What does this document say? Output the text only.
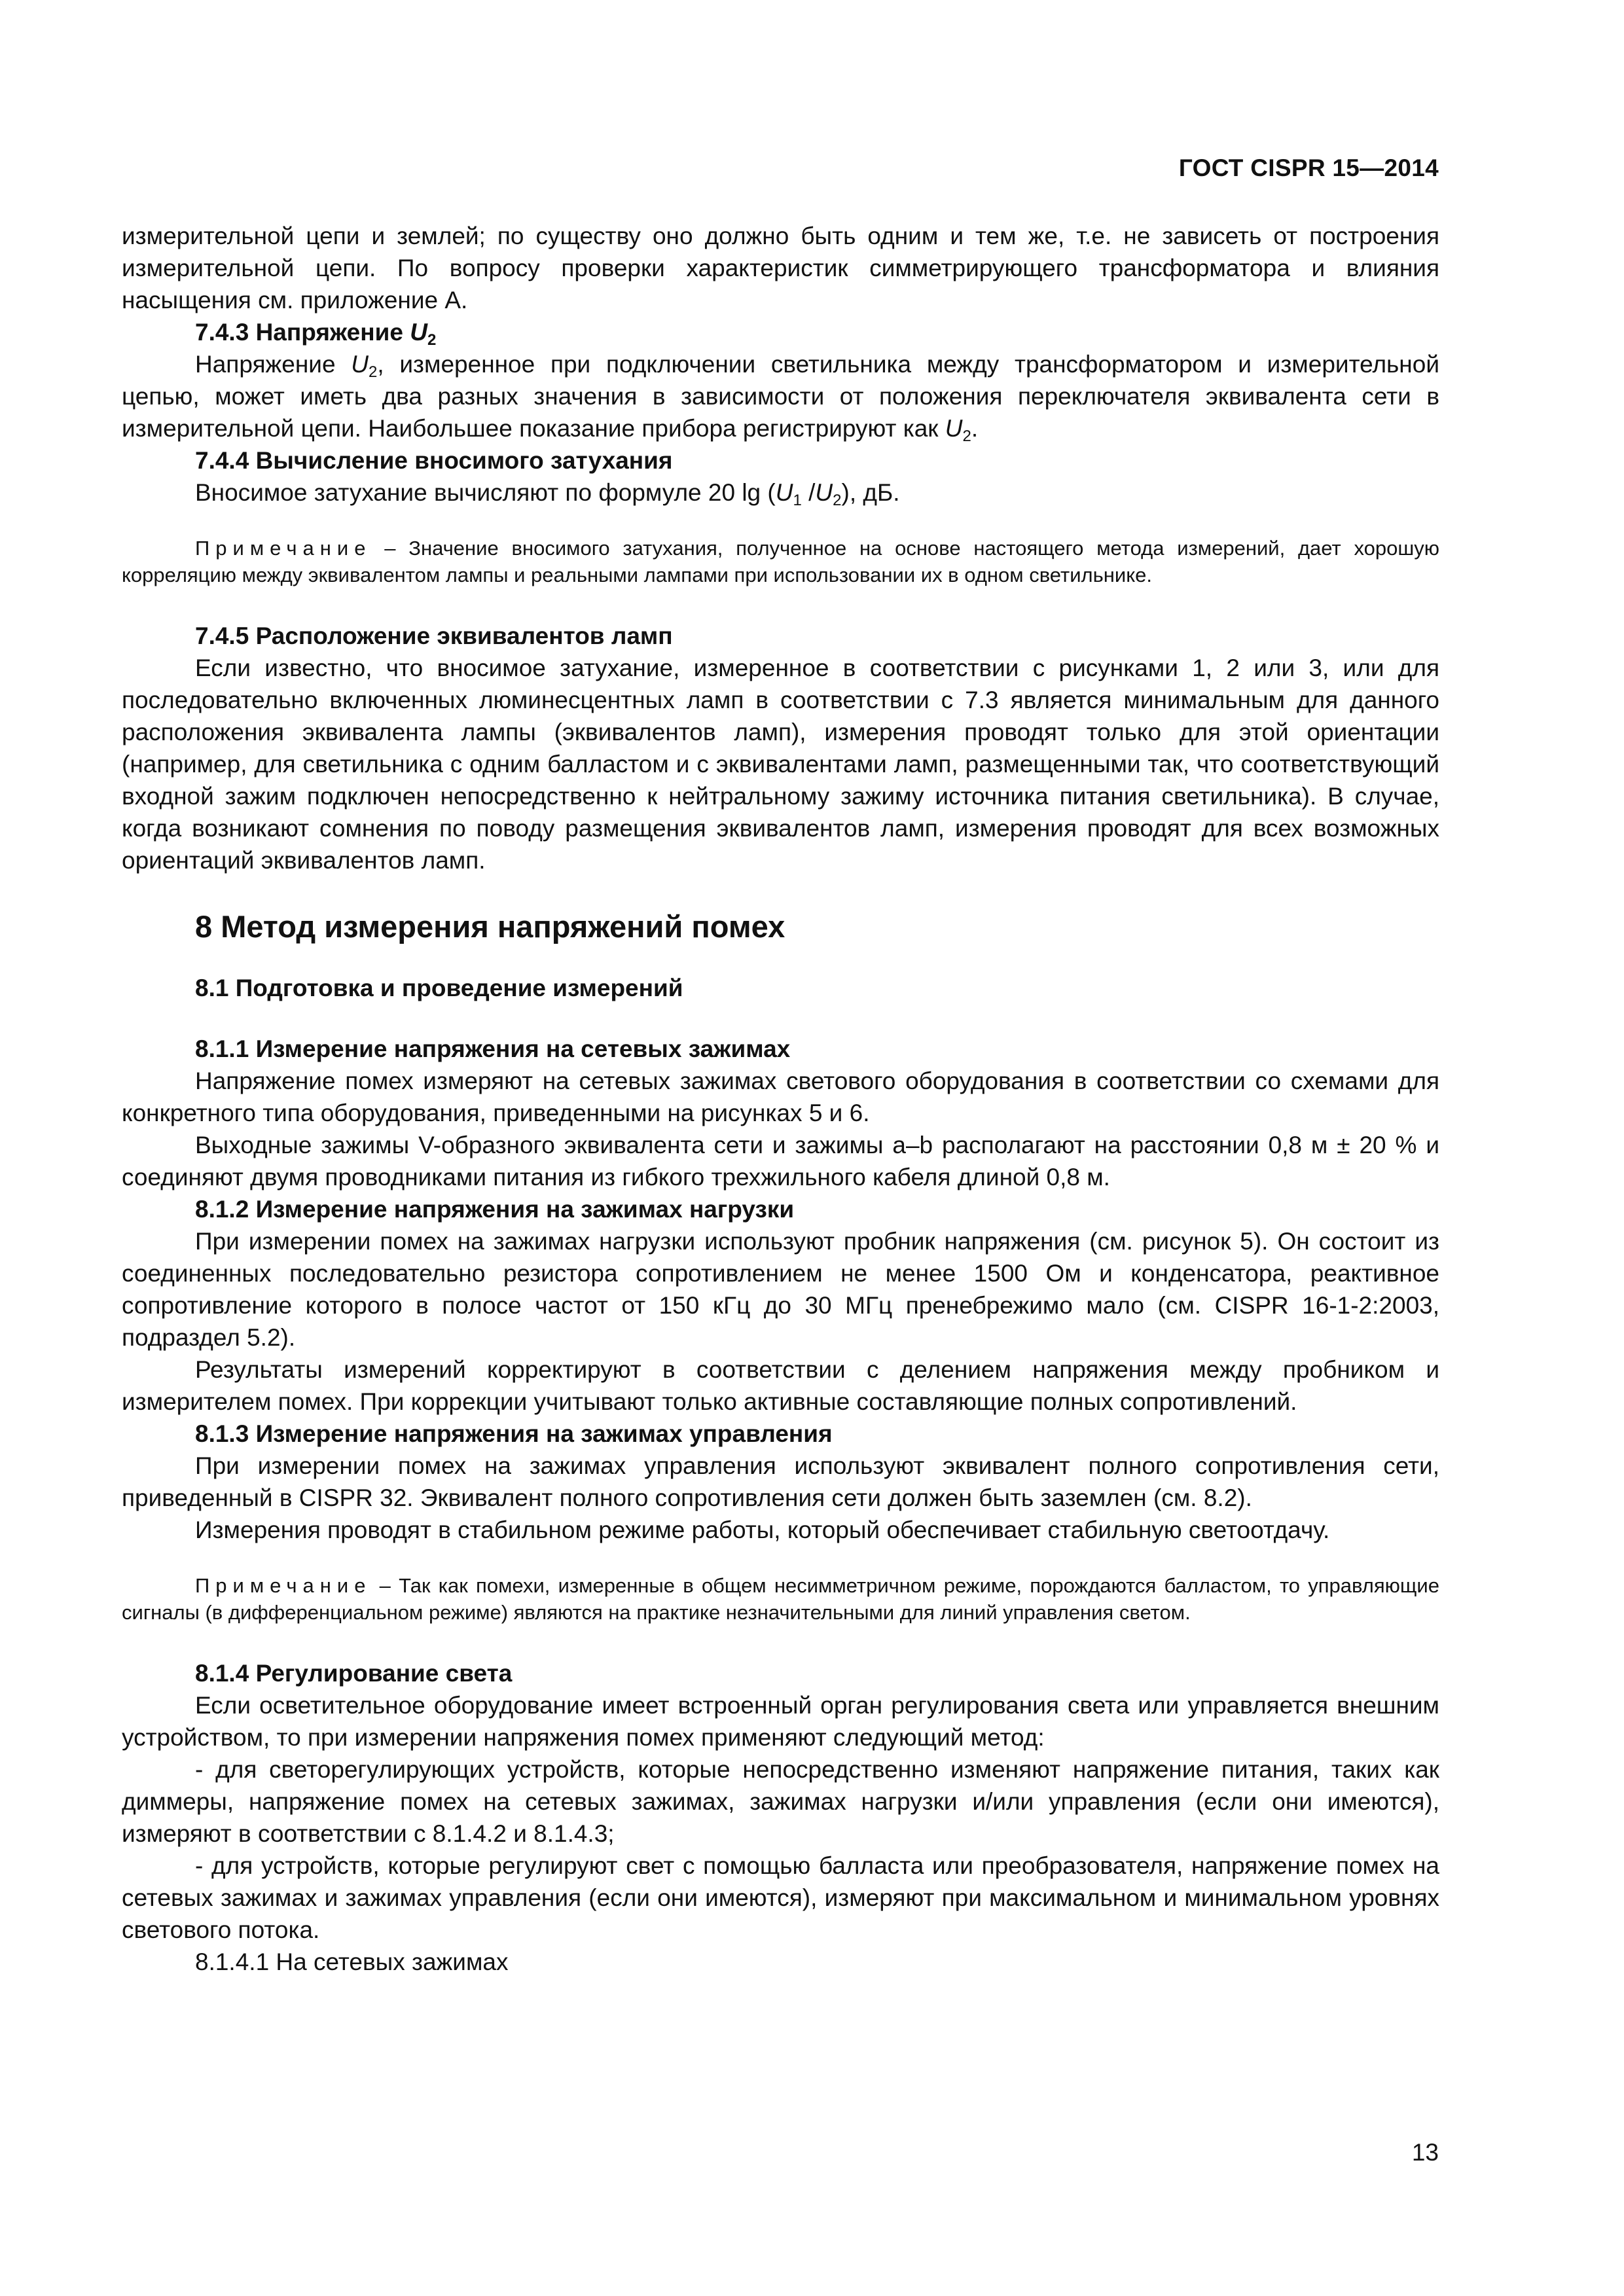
ГОСТ CISPR 15—2014

измерительной цепи и землей; по существу оно должно быть одним и тем же, т.е. не зависеть от построения измерительной цепи. По вопросу проверки характеристик симметрирующего трансформатора и влияния насыщения см. приложение А.

7.4.3 Напряжение $U_2$

Напряжение $U_2$, измеренное при подключении светильника между трансформатором и измерительной цепью, может иметь два разных значения в зависимости от положения переключателя эквивалента сети в измерительной цепи. Наибольшее показание прибора регистрируют как $U_2$.

7.4.4 Вычисление вносимого затухания

Вносимое затухание вычисляют по формуле 20 $\lg (U_1$ $/U_2$), дБ.

Примечание – Значение вносимого затухания, полученное на основе настоящего метода измерений, дает хорошую корреляцию между эквивалентом лампы и реальными лампами при использовании их в одном светильнике.
7.4.5 Расположение эквивалентов ламп

Если известно, что вносимое затухание, измеренное в соответствии с рисунками 1, 2 или 3, или для последовательно включенных люминесцентных ламп в соответствии с 7.3 является минимальным для данного расположения эквивалента лампы (эквивалентов ламп), измерения проводят только для этой ориентации (например, для светильника с одним балластом и с эквивалентами ламп, размещенными так, что соответствующий входной зажим подключен непосредственно к нейтральному зажиму источника питания светильника). В случае, когда возникают сомнения по поводу размещения эквивалентов ламп, измерения проводят для всех возможных ориентаций эквивалентов ламп.

8 Метод измерения напряжений помех
8.1 Подготовка и проведение измерений
8.1.1 Измерение напряжения на сетевых зажимах

Напряжение помех измеряют на сетевых зажимах светового оборудования в соответствии со схемами для конкретного типа оборудования, приведенными на рисунках 5 и 6.

Выходные зажимы V-образного эквивалента сети и зажимы a–b располагают на расстоянии 0,8 м ± 20 % и соединяют двумя проводниками питания из гибкого трехжильного кабеля длиной 0,8 м.

8.1.2 Измерение напряжения на зажимах нагрузки

При измерении помех на зажимах нагрузки используют пробник напряжения (см. рисунок 5). Он состоит из соединенных последовательно резистора сопротивлением не менее 1500 Ом и конденсатора, реактивное сопротивление которого в полосе частот от 150 кГц до 30 МГц пренебрежимо мало (см. CISPR 16-1-2:2003, подраздел 5.2).

Результаты измерений корректируют в соответствии с делением напряжения между пробником и измерителем помех. При коррекции учитывают только активные составляющие полных сопротивлений.

8.1.3 Измерение напряжения на зажимах управления

При измерении помех на зажимах управления используют эквивалент полного сопротивления сети, приведенный в CISPR 32. Эквивалент полного сопротивления сети должен быть заземлен (см. 8.2).

Измерения проводят в стабильном режиме работы, который обеспечивает стабильную светоотдачу.

Примечание – Так как помехи, измеренные в общем несимметричном режиме, порождаются балластом, то управляющие сигналы (в дифференциальном режиме) являются на практике незначительными для линий управления светом.
8.1.4 Регулирование света

Если осветительное оборудование имеет встроенный орган регулирования света или управляется внешним устройством, то при измерении напряжения помех применяют следующий метод:

- для светорегулирующих устройств, которые непосредственно изменяют напряжение питания, таких как диммеры, напряжение помех на сетевых зажимах, зажимах нагрузки и/или управления (если они имеются), измеряют в соответствии с 8.1.4.2 и 8.1.4.3;

- для устройств, которые регулируют свет с помощью балласта или преобразователя, напряжение помех на сетевых зажимах и зажимах управления (если они имеются), измеряют при максимальном и минимальном уровнях светового потока.

8.1.4.1 На сетевых зажимах

13
